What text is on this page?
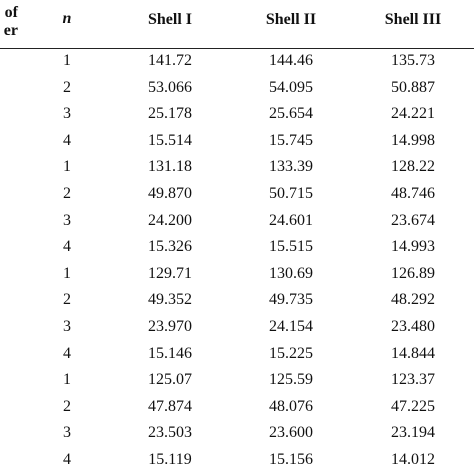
of
er
n	Shell I	Shell II	Shell III
1	141.72	144.46	135.73
2	53.066	54.095	50.887
3	25.178	25.654	24.221
4	15.514	15.745	14.998
1	131.18	133.39	128.22
2	49.870	50.715	48.746
3	24.200	24.601	23.674
4	15.326	15.515	14.993
1	129.71	130.69	126.89
2	49.352	49.735	48.292
3	23.970	24.154	23.480
4	15.146	15.225	14.844
1	125.07	125.59	123.37
2	47.874	48.076	47.225
3	23.503	23.600	23.194
4	15.119	15.156	14.012
